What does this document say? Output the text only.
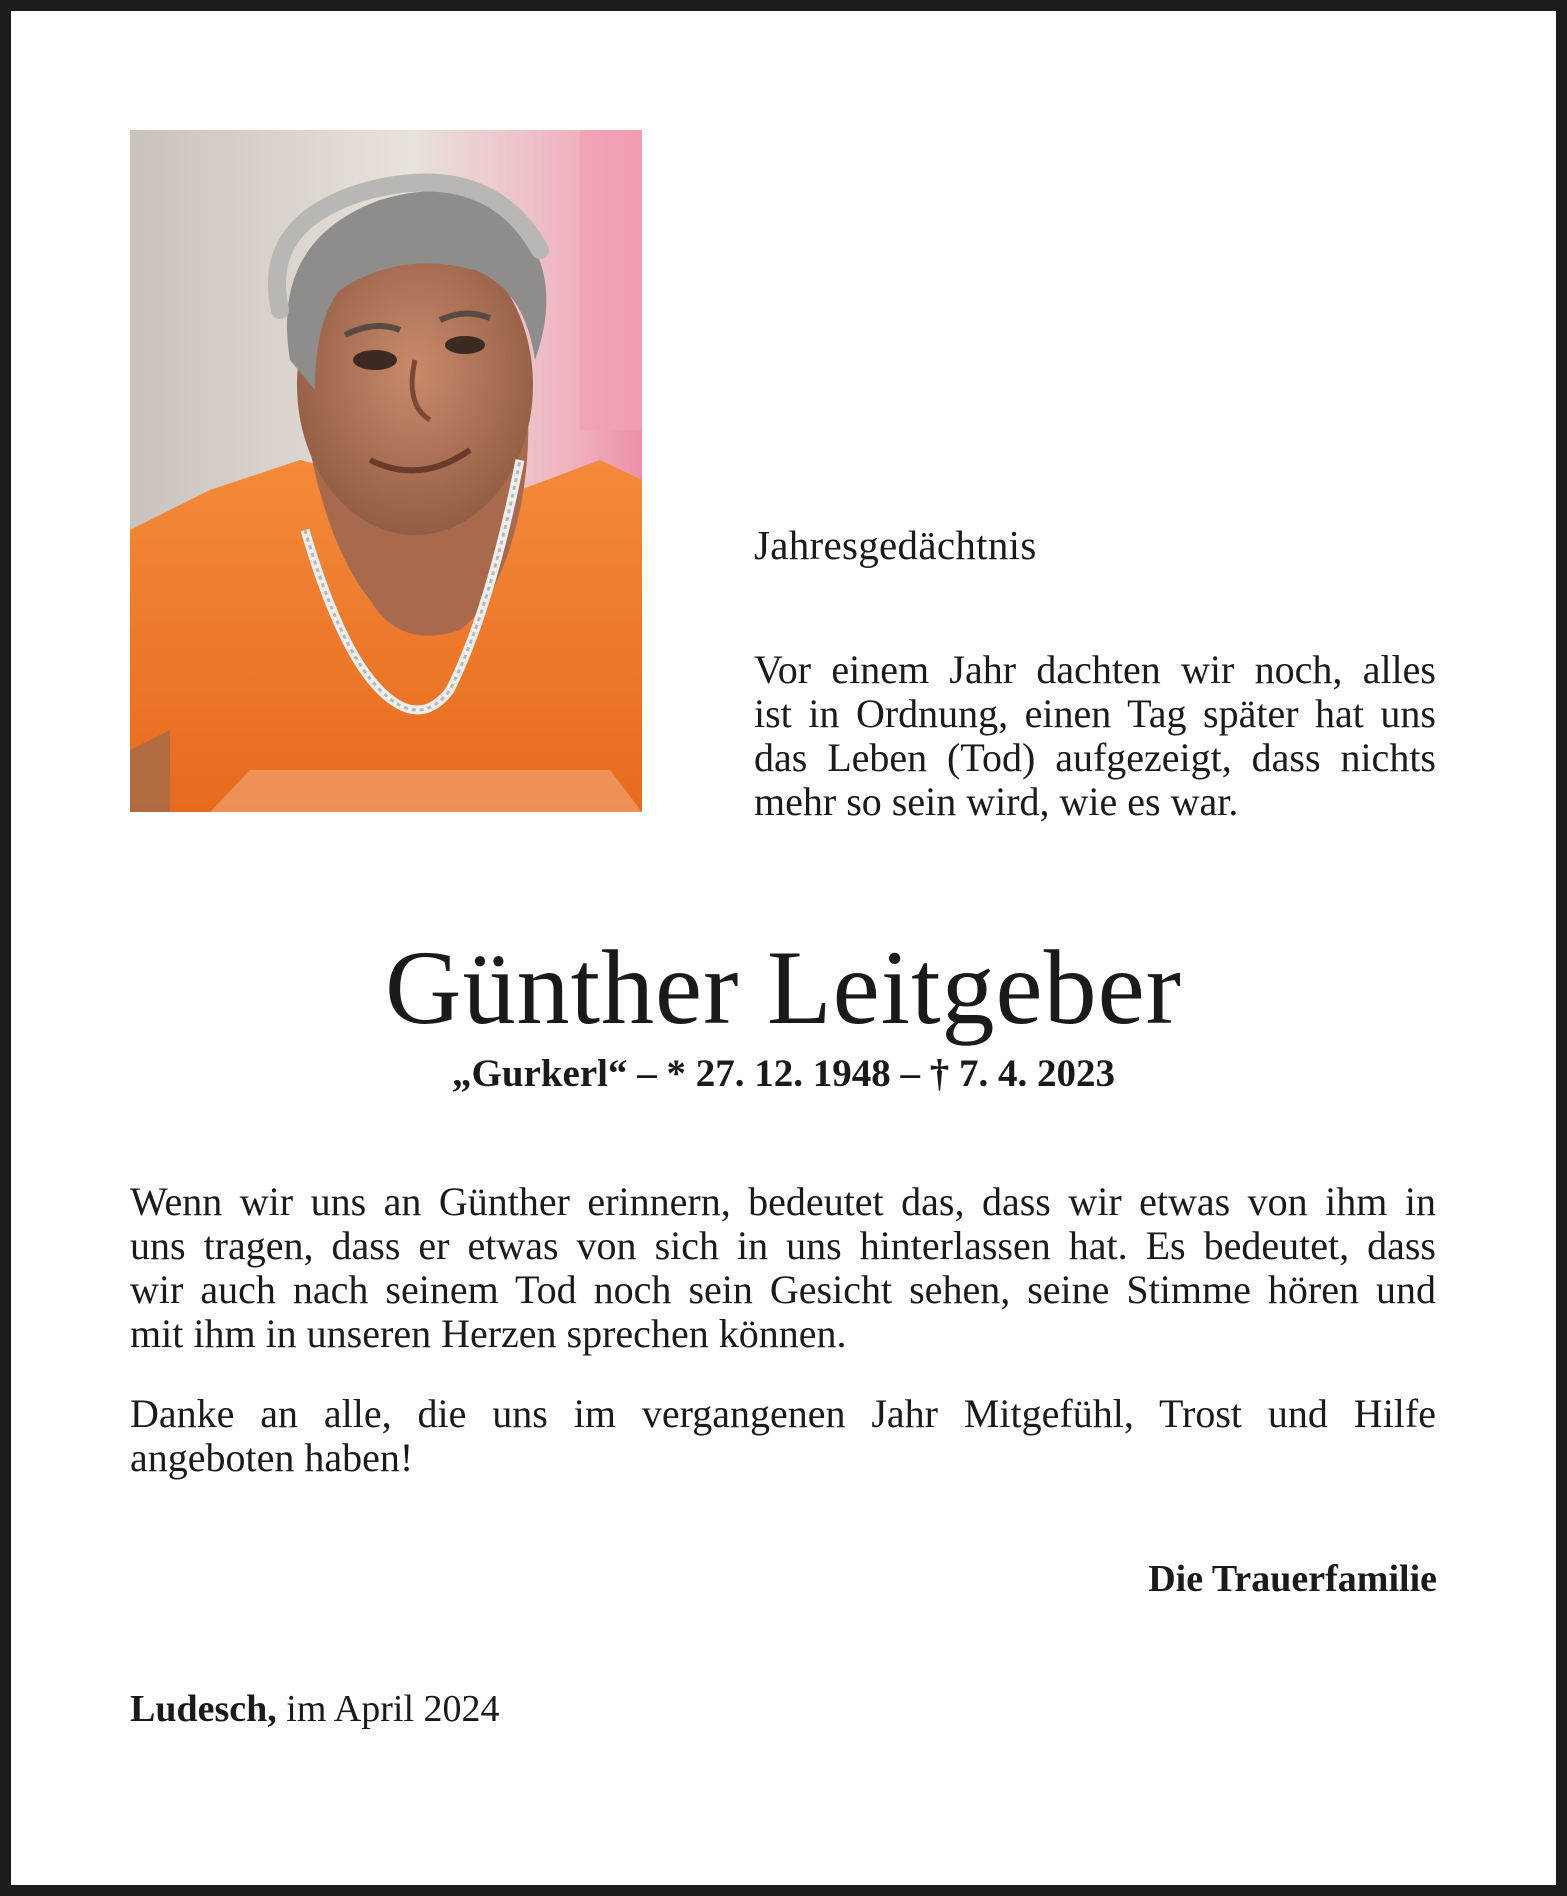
Jahresgedächtnis
Vor einem Jahr dachten wir noch, alles
ist in Ordnung, einen Tag später hat uns
das Leben (Tod) aufgezeigt, dass nichts
mehr so sein wird, wie es war.
Günther Leitgeber
„Gurkerl“ – * 27. 12. 1948 – † 7. 4. 2023
Wenn wir uns an Günther erinnern, bedeutet das, dass wir etwas von ihm in
uns tragen, dass er etwas von sich in uns hinterlassen hat. Es bedeutet, dass
wir auch nach seinem Tod noch sein Gesicht sehen, seine Stimme hören und
mit ihm in unseren Herzen sprechen können.
Danke an alle, die uns im vergangenen Jahr Mitgefühl, Trost und Hilfe
angeboten haben!
Die Trauerfamilie
Ludesch, im April 2024
